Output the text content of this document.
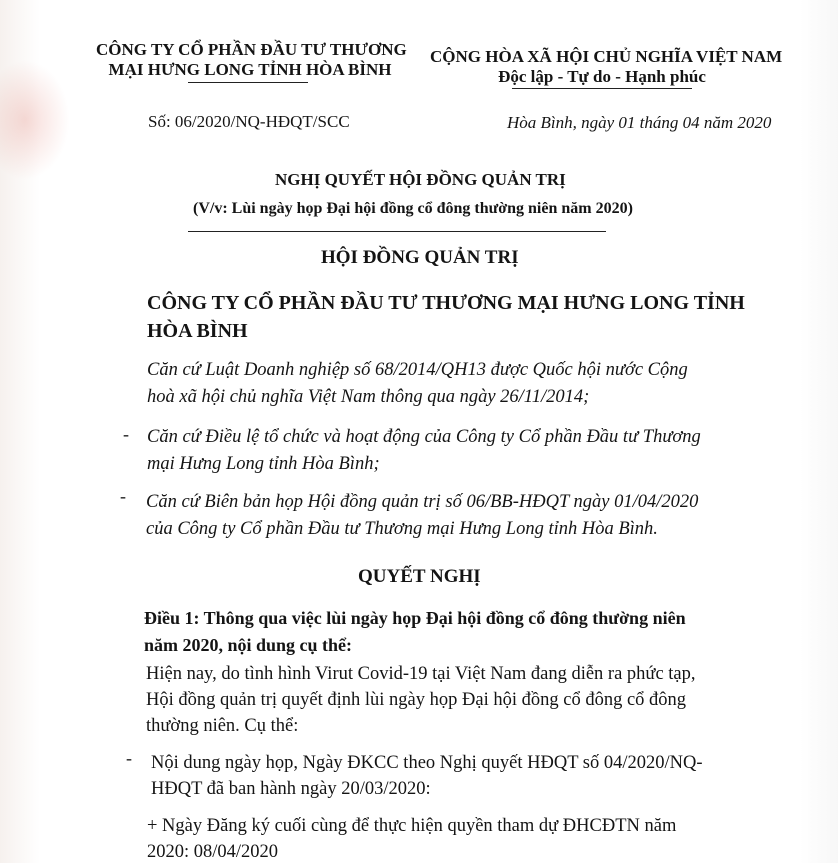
CÔNG TY CỔ PHẦN ĐẦU TƯ THƯƠNG
MẠI HƯNG LONG TỈNH HÒA BÌNH
CỘNG HÒA XÃ HỘI CHỦ NGHĨA VIỆT NAM
Độc lập - Tự do - Hạnh phúc
Số: 06/2020/NQ-HĐQT/SCC	Hòa Bình, ngày 01 tháng 04 năm 2020
NGHỊ QUYẾT HỘI ĐỒNG QUẢN TRỊ
(V/v: Lùi ngày họp Đại hội đồng cổ đông thường niên năm 2020)
HỘI ĐỒNG QUẢN TRỊ
CÔNG TY CỔ PHẦN ĐẦU TƯ THƯƠNG MẠI HƯNG LONG TỈNH
HÒA BÌNH
Căn cứ Luật Doanh nghiệp số 68/2014/QH13 được Quốc hội nước Cộng
hoà xã hội chủ nghĩa Việt Nam thông qua ngày 26/11/2014;
- Căn cứ Điều lệ tổ chức và hoạt động của Công ty Cổ phần Đầu tư Thương
mại Hưng Long tỉnh Hòa Bình;
- Căn cứ Biên bản họp Hội đồng quản trị số 06/BB-HĐQT ngày 01/04/2020
của Công ty Cổ phần Đầu tư Thương mại Hưng Long tỉnh Hòa Bình.
QUYẾT NGHỊ
Điều 1: Thông qua việc lùi ngày họp Đại hội đồng cổ đông thường niên
năm 2020, nội dung cụ thể:
Hiện nay, do tình hình Virut Covid-19 tại Việt Nam đang diễn ra phức tạp,
Hội đồng quản trị quyết định lùi ngày họp Đại hội đồng cổ đông cổ đông
thường niên. Cụ thể:
- Nội dung ngày họp, Ngày ĐKCC theo Nghị quyết HĐQT số 04/2020/NQ-
HĐQT đã ban hành ngày 20/03/2020:
+ Ngày Đăng ký cuối cùng để thực hiện quyền tham dự ĐHCĐTN năm
2020: 08/04/2020
